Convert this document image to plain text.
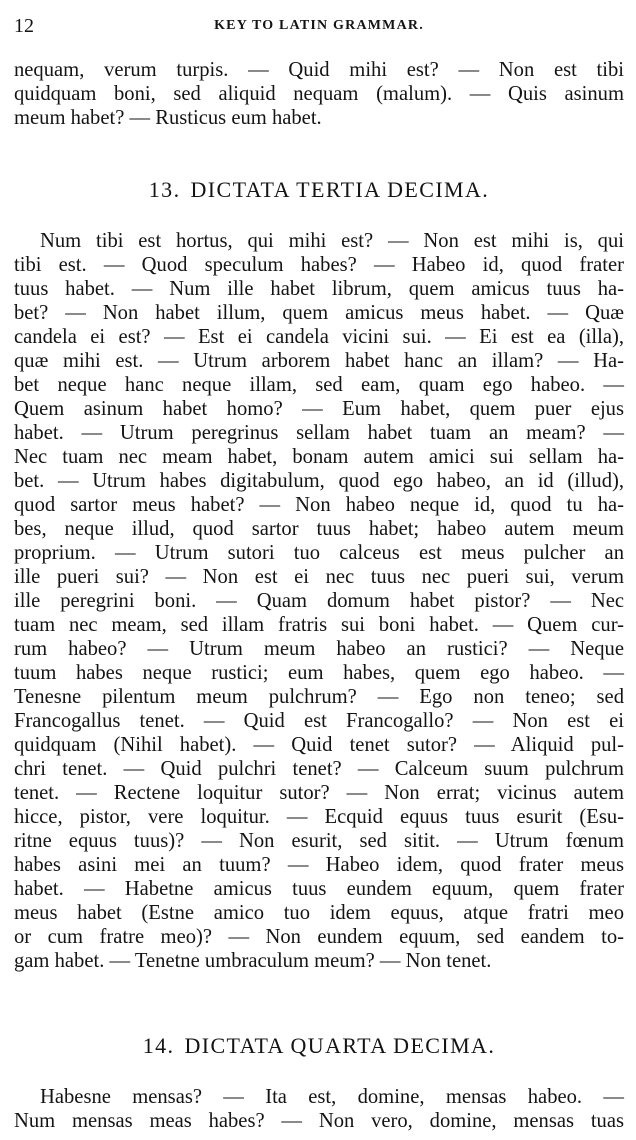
12	KEY TO LATIN GRAMMAR.
nequam, verum turpis. — Quid mihi est? — Non est tibi
quidquam boni, sed aliquid nequam (malum). — Quis asinum
meum habet? — Rusticus eum habet.
13. DICTATA TERTIA DECIMA.
Num tibi est hortus, qui mihi est? — Non est mihi is, qui
tibi est. — Quod speculum habes? — Habeo id, quod frater
tuus habet. — Num ille habet librum, quem amicus tuus ha-
bet? — Non habet illum, quem amicus meus habet. — Quæ
candela ei est? — Est ei candela vicini sui. — Ei est ea (illa),
quæ mihi est. — Utrum arborem habet hanc an illam? — Ha-
bet neque hanc neque illam, sed eam, quam ego habeo. —
Quem asinum habet homo? — Eum habet, quem puer ejus
habet. — Utrum peregrinus sellam habet tuam an meam? —
Nec tuam nec meam habet, bonam autem amici sui sellam ha-
bet. — Utrum habes digitabulum, quod ego habeo, an id (illud),
quod sartor meus habet? — Non habeo neque id, quod tu ha-
bes, neque illud, quod sartor tuus habet; habeo autem meum
proprium. — Utrum sutori tuo calceus est meus pulcher an
ille pueri sui? — Non est ei nec tuus nec pueri sui, verum
ille peregrini boni. — Quam domum habet pistor? — Nec
tuam nec meam, sed illam fratris sui boni habet. — Quem cur-
rum habeo? — Utrum meum habeo an rustici? — Neque
tuum habes neque rustici; eum habes, quem ego habeo. —
Tenesne pilentum meum pulchrum? — Ego non teneo; sed
Francogallus tenet. — Quid est Francogallo? — Non est ei
quidquam (Nihil habet). — Quid tenet sutor? — Aliquid pul-
chri tenet. — Quid pulchri tenet? — Calceum suum pulchrum
tenet. — Rectene loquitur sutor? — Non errat; vicinus autem
hicce, pistor, vere loquitur. — Ecquid equus tuus esurit (Esu-
ritne equus tuus)? — Non esurit, sed sitit. — Utrum fœnum
habes asini mei an tuum? — Habeo idem, quod frater meus
habet. — Habetne amicus tuus eundem equum, quem frater
meus habet (Estne amico tuo idem equus, atque fratri meo
or cum fratre meo)? — Non eundem equum, sed eandem to-
gam habet. — Tenetne umbraculum meum? — Non tenet.
14. DICTATA QUARTA DECIMA.
Habesne mensas? — Ita est, domine, mensas habeo. —
Num mensas meas habes? — Non vero, domine, mensas tuas
